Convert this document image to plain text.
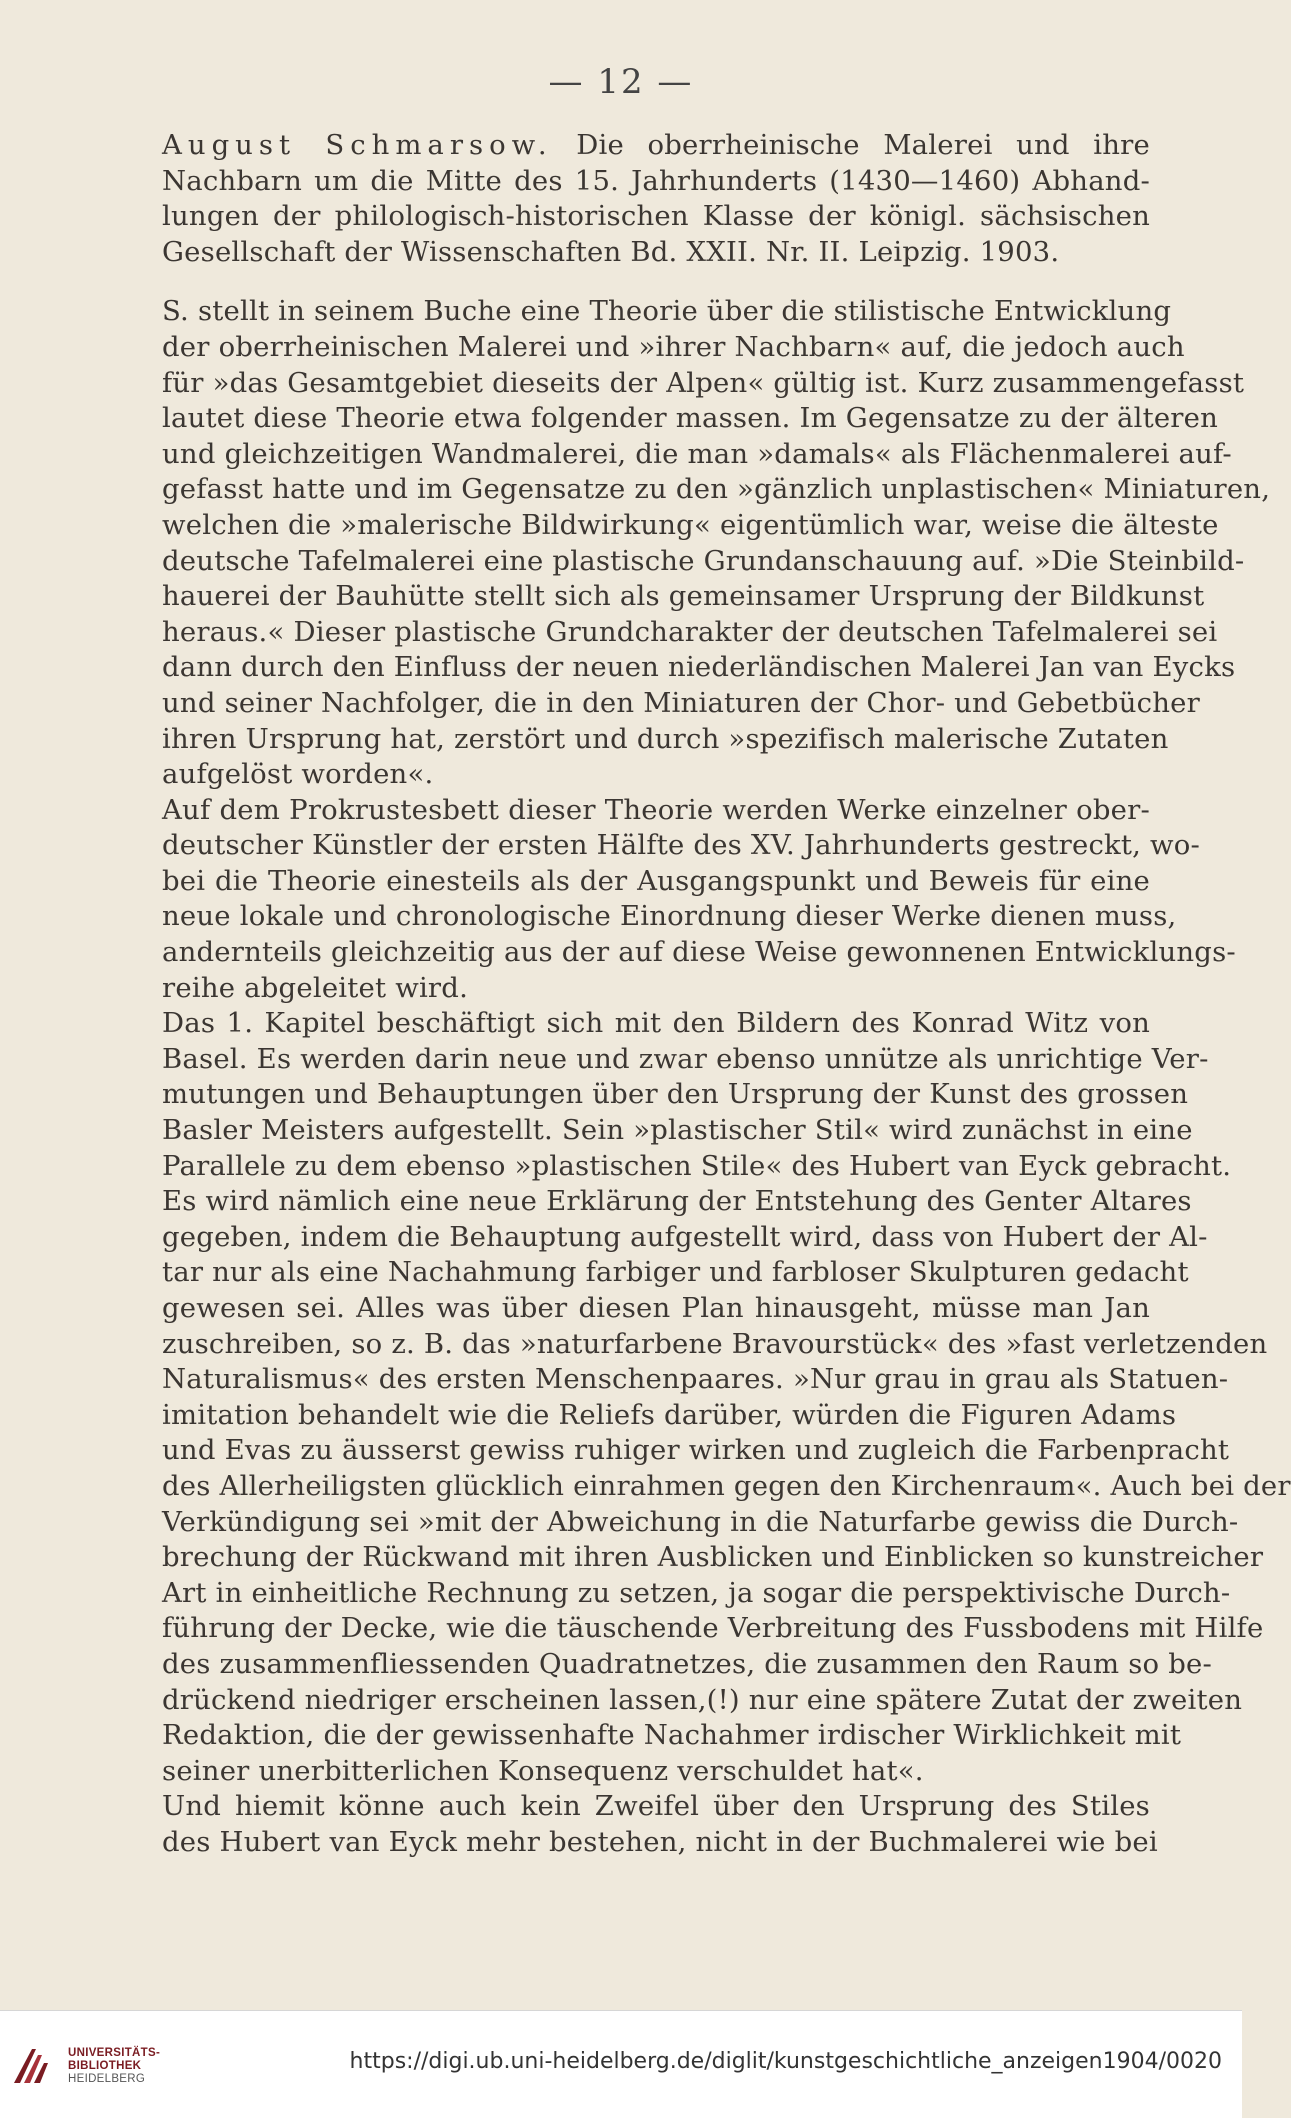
— 12 —
August Schmarsow. Die oberrheinische Malerei und ihre
Nachbarn um die Mitte des 15. Jahrhunderts (1430—1460) Abhand-
lungen der philologisch-historischen Klasse der königl. sächsischen
Gesellschaft der Wissenschaften Bd. XXII. Nr. II. Leipzig. 1903.
S. stellt in seinem Buche eine Theorie über die stilistische Entwicklung
der oberrheinischen Malerei und »ihrer Nachbarn« auf, die jedoch auch
für »das Gesamtgebiet dieseits der Alpen« gültig ist. Kurz zusammengefasst
lautet diese Theorie etwa folgender massen. Im Gegensatze zu der älteren
und gleichzeitigen Wandmalerei, die man »damals« als Flächenmalerei auf-
gefasst hatte und im Gegensatze zu den »gänzlich unplastischen« Miniaturen,
welchen die »malerische Bildwirkung« eigentümlich war, weise die älteste
deutsche Tafelmalerei eine plastische Grundanschauung auf. »Die Steinbild-
hauerei der Bauhütte stellt sich als gemeinsamer Ursprung der Bildkunst
heraus.« Dieser plastische Grundcharakter der deutschen Tafelmalerei sei
dann durch den Einfluss der neuen niederländischen Malerei Jan van Eycks
und seiner Nachfolger, die in den Miniaturen der Chor- und Gebetbücher
ihren Ursprung hat, zerstört und durch »spezifisch malerische Zutaten
aufgelöst worden«.
Auf dem Prokrustesbett dieser Theorie werden Werke einzelner ober-
deutscher Künstler der ersten Hälfte des XV. Jahrhunderts gestreckt, wo-
bei die Theorie einesteils als der Ausgangspunkt und Beweis für eine
neue lokale und chronologische Einordnung dieser Werke dienen muss,
andernteils gleichzeitig aus der auf diese Weise gewonnenen Entwicklungs-
reihe abgeleitet wird.
Das 1. Kapitel beschäftigt sich mit den Bildern des Konrad Witz von
Basel. Es werden darin neue und zwar ebenso unnütze als unrichtige Ver-
mutungen und Behauptungen über den Ursprung der Kunst des grossen
Basler Meisters aufgestellt. Sein »plastischer Stil« wird zunächst in eine
Parallele zu dem ebenso »plastischen Stile« des Hubert van Eyck gebracht.
Es wird nämlich eine neue Erklärung der Entstehung des Genter Altares
gegeben, indem die Behauptung aufgestellt wird, dass von Hubert der Al-
tar nur als eine Nachahmung farbiger und farbloser Skulpturen gedacht
gewesen sei. Alles was über diesen Plan hinausgeht, müsse man Jan
zuschreiben, so z. B. das »naturfarbene Bravourstück« des »fast verletzenden
Naturalismus« des ersten Menschenpaares. »Nur grau in grau als Statuen-
imitation behandelt wie die Reliefs darüber, würden die Figuren Adams
und Evas zu äusserst gewiss ruhiger wirken und zugleich die Farbenpracht
des Allerheiligsten glücklich einrahmen gegen den Kirchenraum«. Auch bei der
Verkündigung sei »mit der Abweichung in die Naturfarbe gewiss die Durch-
brechung der Rückwand mit ihren Ausblicken und Einblicken so kunstreicher
Art in einheitliche Rechnung zu setzen, ja sogar die perspektivische Durch-
führung der Decke, wie die täuschende Verbreitung des Fussbodens mit Hilfe
des zusammenfliessenden Quadratnetzes, die zusammen den Raum so be-
drückend niedriger erscheinen lassen,(!) nur eine spätere Zutat der zweiten
Redaktion, die der gewissenhafte Nachahmer irdischer Wirklichkeit mit
seiner unerbitterlichen Konsequenz verschuldet hat«.
Und hiemit könne auch kein Zweifel über den Ursprung des Stiles
des Hubert van Eyck mehr bestehen, nicht in der Buchmalerei wie bei
UNIVERSITÄTS-
BIBLIOTHEK
HEIDELBERG
https://digi.ub.uni-heidelberg.de/diglit/kunstgeschichtliche_anzeigen1904/0020
